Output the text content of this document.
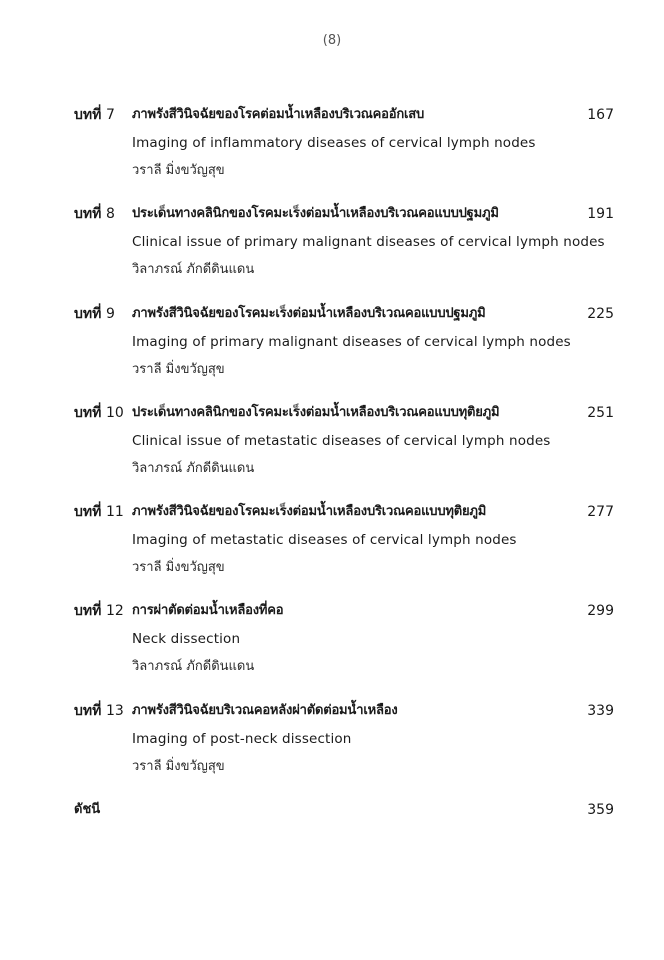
(8)
บทที่ 7	ภาพรังสีวินิจฉัยของโรคต่อมน้ำเหลืองบริเวณคออักเสบ	167
Imaging of inflammatory diseases of cervical lymph nodes
วราลี มิ่งขวัญสุข
บทที่ 8	ประเด็นทางคลินิกของโรคมะเร็งต่อมน้ำเหลืองบริเวณคอแบบปฐมภูมิ	191
Clinical issue of primary malignant diseases of cervical lymph nodes
วิลาภรณ์ ภักดีดินแดน
บทที่ 9	ภาพรังสีวินิจฉัยของโรคมะเร็งต่อมน้ำเหลืองบริเวณคอแบบปฐมภูมิ	225
Imaging of primary malignant diseases of cervical lymph nodes
วราลี มิ่งขวัญสุข
บทที่ 10 ประเด็นทางคลินิกของโรคมะเร็งต่อมน้ำเหลืองบริเวณคอแบบทุติยภูมิ	251
Clinical issue of metastatic diseases of cervical lymph nodes
วิลาภรณ์ ภักดีดินแดน
บทที่ 11 ภาพรังสีวินิจฉัยของโรคมะเร็งต่อมน้ำเหลืองบริเวณคอแบบทุติยภูมิ	277
Imaging of metastatic diseases of cervical lymph nodes
วราลี มิ่งขวัญสุข
บทที่ 12 การผ่าตัดต่อมน้ำเหลืองที่คอ	299
Neck dissection
วิลาภรณ์ ภักดีดินแดน
บทที่ 13 ภาพรังสีวินิจฉัยบริเวณคอหลังผ่าตัดต่อมน้ำเหลือง	339
Imaging of post-neck dissection
วราลี มิ่งขวัญสุข
ดัชนี	359
